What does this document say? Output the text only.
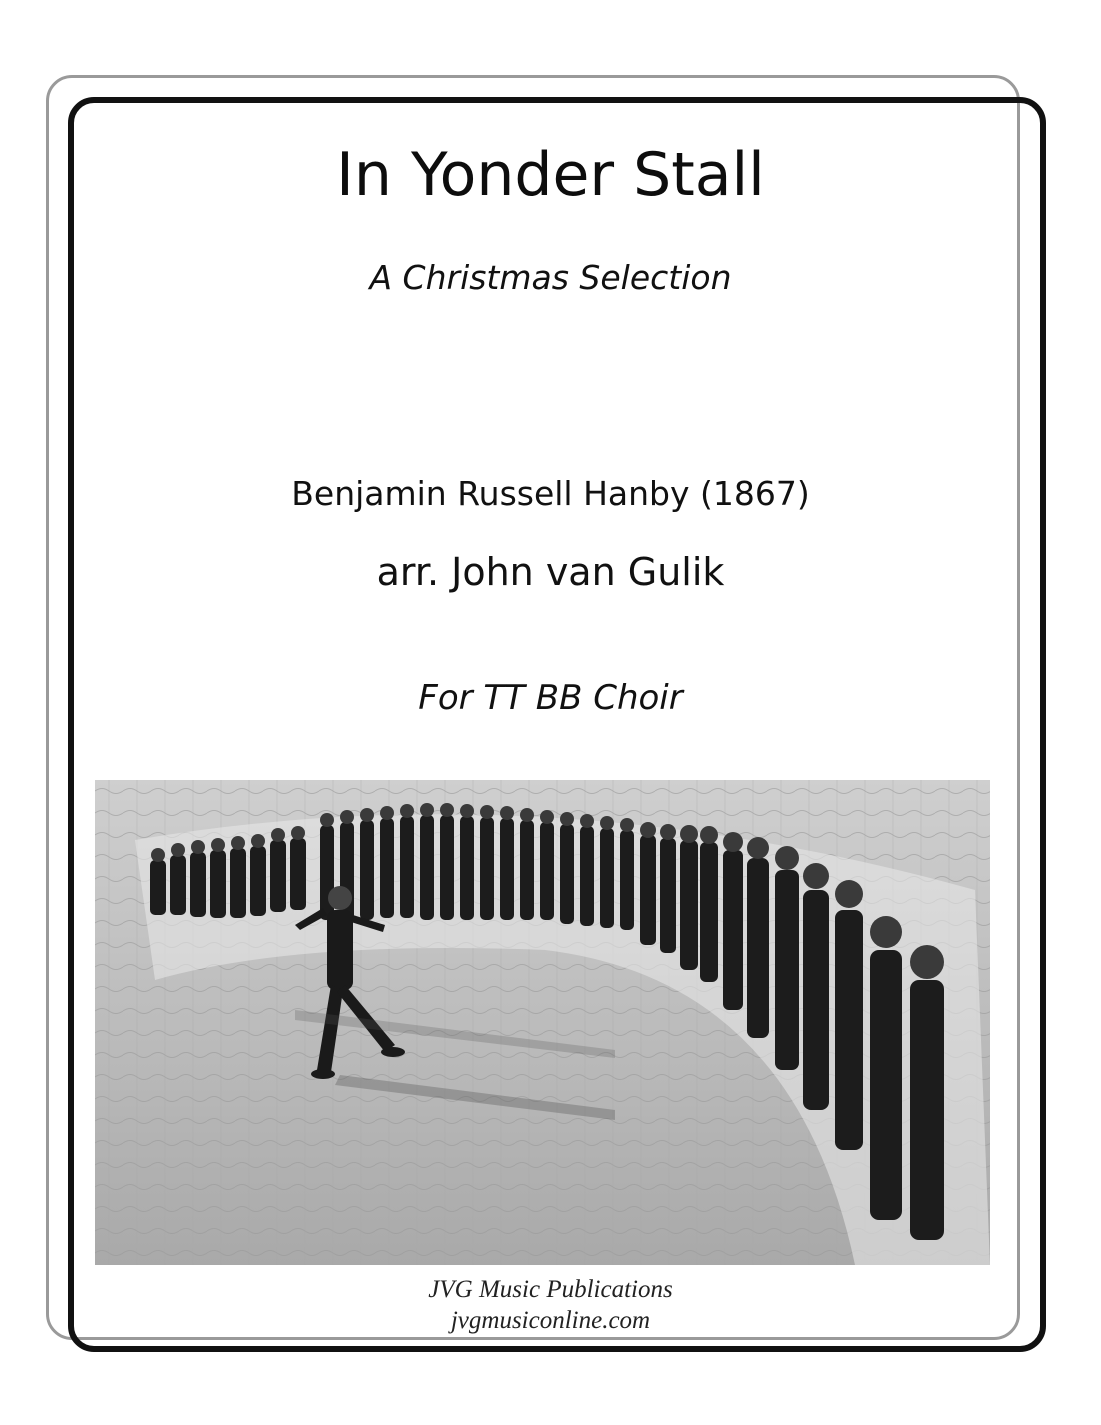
In Yonder Stall
A Christmas Selection
Benjamin Russell Hanby (1867)
arr. John van Gulik
For TT BB Choir
JVG Music Publications
jvgmusiconline.com
